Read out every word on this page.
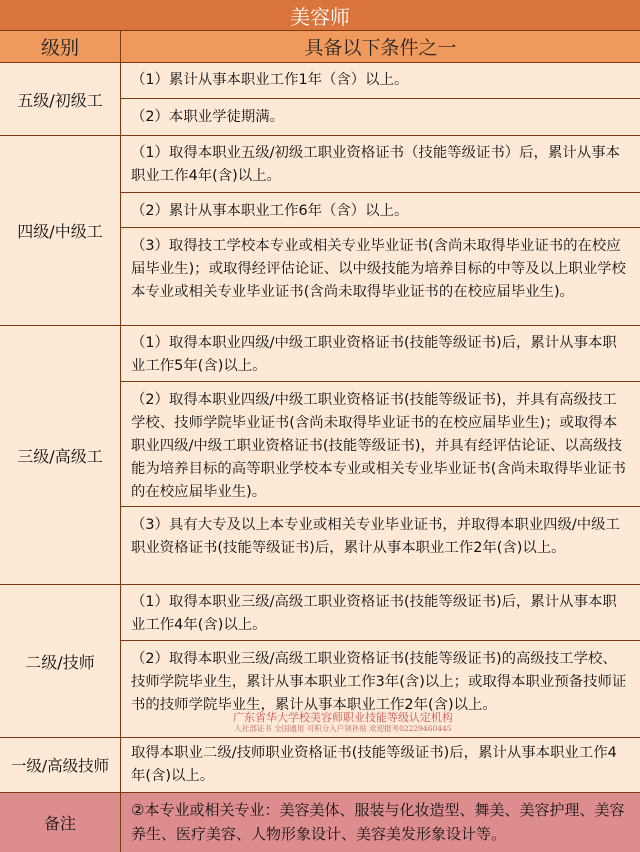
美容师
级别	具备以下条件之一
五级/初级工
（1）累计从事本职业工作1年（含）以上。
（2）本职业学徒期满。
四级/中级工
（1）取得本职业五级/初级工职业资格证书（技能等级证书）后，累计从事本职业工作4年(含)以上。
（2）累计从事本职业工作6年（含）以上。
（3）取得技工学校本专业或相关专业毕业证书(含尚未取得毕业证书的在校应届毕业生)；或取得经评估论证、以中级技能为培养目标的中等及以上职业学校本专业或相关专业毕业证书(含尚未取得毕业证书的在校应届毕业生)。
三级/高级工
（1）取得本职业四级/中级工职业资格证书(技能等级证书)后，累计从事本职业工作5年(含)以上。
（2）取得本职业四级/中级工职业资格证书(技能等级证书)，并具有高级技工学校、技师学院毕业证书(含尚未取得毕业证书的在校应届毕业生)；或取得本职业四级/中级工职业资格证书(技能等级证书)，并具有经评估论证、以高级技能为培养目标的高等职业学校本专业或相关专业毕业证书(含尚未取得毕业证书的在校应届毕业生)。
（3）具有大专及以上本专业或相关专业毕业证书，并取得本职业四级/中级工职业资格证书(技能等级证书)后，累计从事本职业工作2年(含)以上。
二级/技师
（1）取得本职业三级/高级工职业资格证书(技能等级证书)后，累计从事本职业工作4年(含)以上。
（2）取得本职业三级/高级工职业资格证书(技能等级证书)的高级技工学校、技师学院毕业生，累计从事本职业工作3年(含)以上；或取得本职业预备技师证书的技师学院毕业生，累计从事本职业工作2年(含)以上。
一级/高级技师
取得本职业二级/技师职业资格证书(技能等级证书)后，累计从事本职业工作4年(含)以上。
备注
②本专业或相关专业：美容美体、服装与化妆造型、舞美、美容护理、美容养生、医疗美容、人物形象设计、美容美发形象设计等。
广东省华大学校美容师职业技能等级认定机构
人社部证书 全国通用 可积分入户领补贴 欢迎报考02229460445
